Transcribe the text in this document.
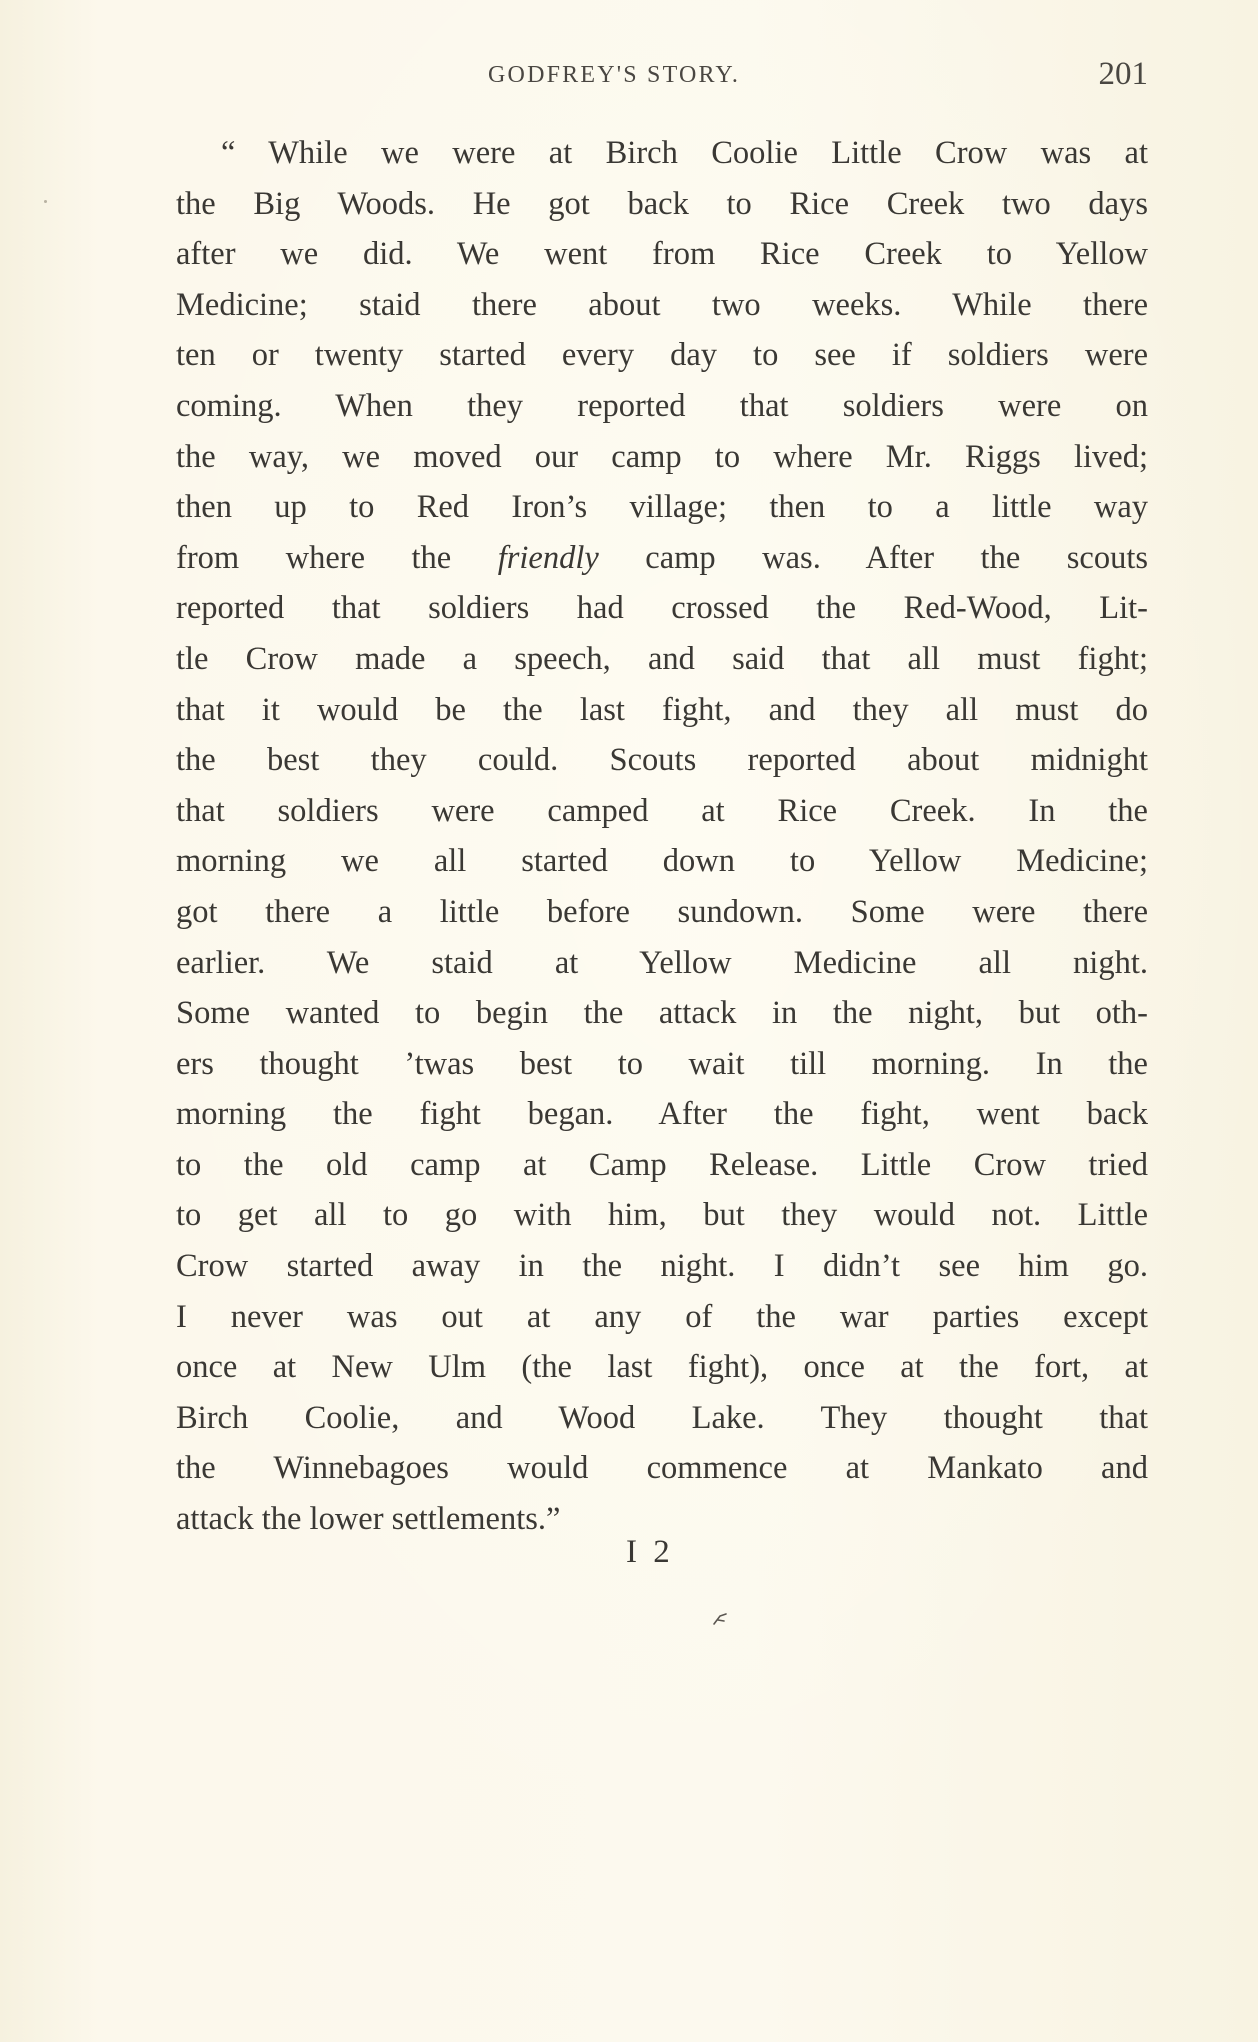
GODFREY'S STORY.	201
“ While we were at Birch Coolie Little Crow was at
the Big Woods. He got back to Rice Creek two days
after we did. We went from Rice Creek to Yellow
Medicine; staid there about two weeks. While there
ten or twenty started every day to see if soldiers were
coming. When they reported that soldiers were on
the way, we moved our camp to where Mr. Riggs lived;
then up to Red Iron’s village; then to a little way
from where the friendly camp was. After the scouts
reported that soldiers had crossed the Red-Wood, Lit-
tle Crow made a speech, and said that all must fight;
that it would be the last fight, and they all must do
the best they could. Scouts reported about midnight
that soldiers were camped at Rice Creek. In the
morning we all started down to Yellow Medicine;
got there a little before sundown. Some were there
earlier. We staid at Yellow Medicine all night.
Some wanted to begin the attack in the night, but oth-
ers thought ’twas best to wait till morning. In the
morning the fight began. After the fight, went back
to the old camp at Camp Release. Little Crow tried
to get all to go with him, but they would not. Little
Crow started away in the night. I didn’t see him go.
I never was out at any of the war parties except
once at New Ulm (the last fight), once at the fort, at
Birch Coolie, and Wood Lake. They thought that
the Winnebagoes would commence at Mankato and
attack the lower settlements.”
I 2
